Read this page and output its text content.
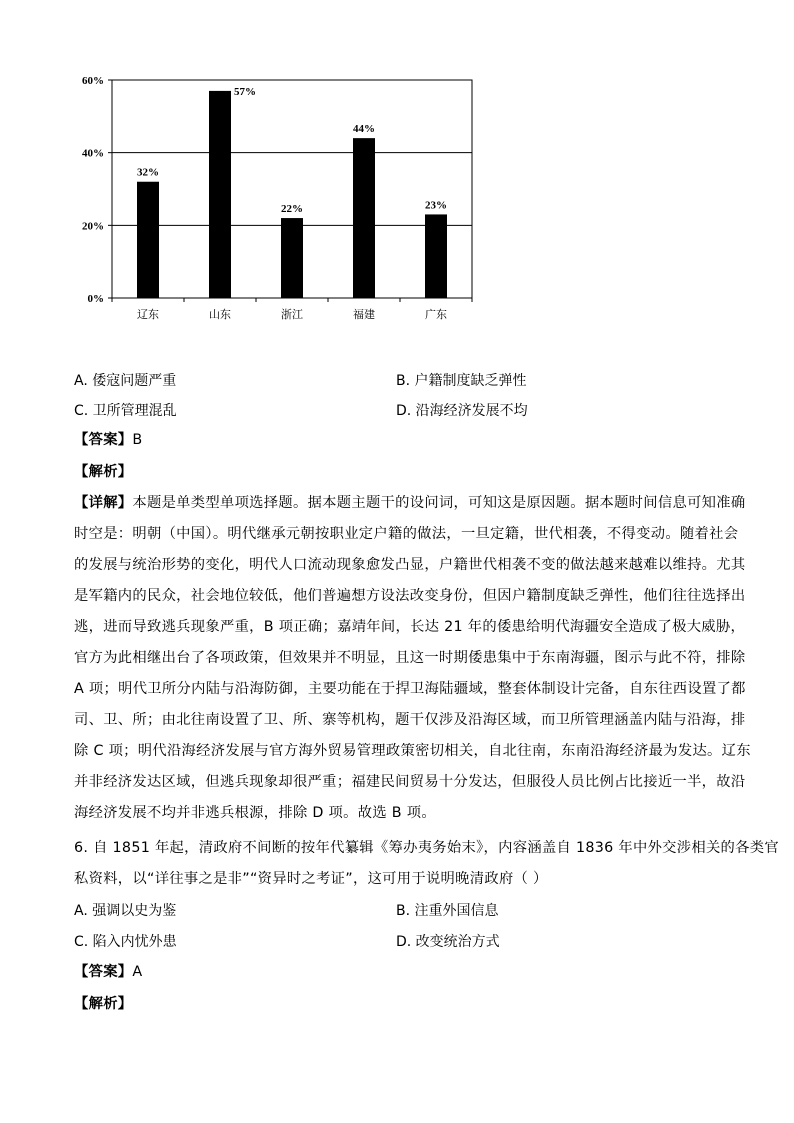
32%
57%
22%
44%
23%
0%
20%
40%
60%
辽东	山东	浙江	福建	广东
A. 倭寇问题严重	B. 户籍制度缺乏弹性
C. 卫所管理混乱	D. 沿海经济发展不均
【答案】B
【解析】
【详解】本题是单类型单项选择题。据本题主题干的设问词，可知这是原因题。据本题时间信息可知准确
时空是：明朝（中国）。明代继承元朝按职业定户籍的做法，一旦定籍，世代相袭，不得变动。随着社会
的发展与统治形势的变化，明代人口流动现象愈发凸显，户籍世代相袭不变的做法越来越难以维持。尤其
是军籍内的民众，社会地位较低，他们普遍想方设法改变身份，但因户籍制度缺乏弹性，他们往往选择出
逃，进而导致逃兵现象严重，B 项正确；嘉靖年间，长达 21 年的倭患给明代海疆安全造成了极大威胁，
官方为此相继出台了各项政策，但效果并不明显，且这一时期倭患集中于东南海疆，图示与此不符，排除
A 项；明代卫所分内陆与沿海防御，主要功能在于捍卫海陆疆域，整套体制设计完备，自东往西设置了都
司、卫、所；由北往南设置了卫、所、寨等机构，题干仅涉及沿海区域，而卫所管理涵盖内陆与沿海，排
除 C 项；明代沿海经济发展与官方海外贸易管理政策密切相关，自北往南，东南沿海经济最为发达。辽东
并非经济发达区域，但逃兵现象却很严重；福建民间贸易十分发达，但服役人员比例占比接近一半，故沿
海经济发展不均并非逃兵根源，排除 D 项。故选 B 项。
6. 自 1851 年起，清政府不间断的按年代纂辑《筹办夷务始末》，内容涵盖自 1836 年中外交涉相关的各类官
私资料，以“详往事之是非”“资异时之考证”，这可用于说明晚清政府（ ）
A. 强调以史为鉴	B. 注重外国信息
C. 陷入内忧外患	D. 改变统治方式
【答案】A
【解析】
